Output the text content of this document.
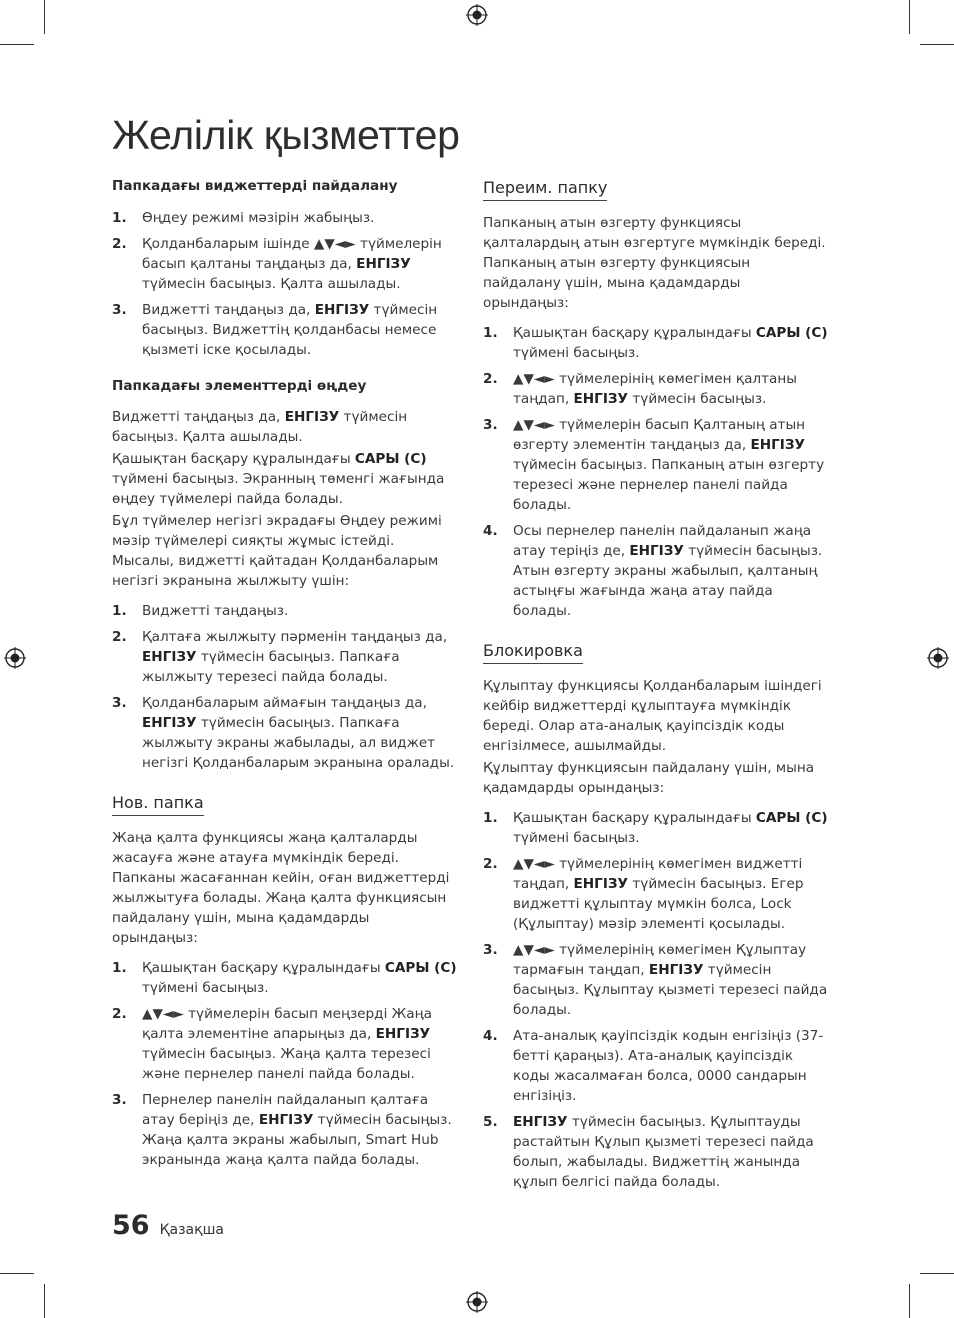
Желілік қызметтер
Папкадағы виджеттерді пайдалану
1. Өңдеу режимі мәзірін жабыңыз.
2. Қолданбаларым ішінде ▲▼◄► түймелерін басып қалтаны таңдаңыз да, ЕНГІЗУ түймесін басыңыз. Қалта ашылады.
3. Виджетті таңдаңыз да, ЕНГІЗУ түймесін басыңыз. Виджеттің қолданбасы немесе қызметі іске қосылады.
Папкадағы элементтерді өңдеу

Виджетті таңдаңыз да, ЕНГІЗУ түймесін басыңыз. Қалта ашылады.

Қашықтан басқару құралындағы САРЫ (С) түймені басыңыз. Экранның төменгі жағында өңдеу түймелері пайда болады.

Бұл түймелер негізгі экрадағы Өңдеу режимі мәзір түймелері сияқты жұмыс істейді. Мысалы, виджетті қайтадан Қолданбаларым негізгі экранына жылжыту үшін:

1. Виджетті таңдаңыз.
2. Қалтаға жылжыту пәрменін таңдаңыз да, ЕНГІЗУ түймесін басыңыз. Папкаға жылжыту терезесі пайда болады.
3. Қолданбаларым аймағын таңдаңыз да, ЕНГІЗУ түймесін басыңыз. Папкаға жылжыту экраны жабылады, ал виджет негізгі Қолданбаларым экранына оралады.
Нов. папка

Жаңа қалта функциясы жаңа қалталарды жасауға және атауға мүмкіндік береді. Папканы жасағаннан кейін, оған виджеттерді жылжытуға болады. Жаңа қалта функциясын пайдалану үшін, мына қадамдарды орындаңыз:

1. Қашықтан басқару құралындағы САРЫ (С) түймені басыңыз.
2. ▲▼◄► түймелерін басып меңзерді Жаңа қалта элементіне апарыңыз да, ЕНГІЗУ түймесін басыңыз. Жаңа қалта терезесі және пернелер панелі пайда болады.
3. Пернелер панелін пайдаланып қалтаға атау беріңіз де, ЕНГІЗУ түймесін басыңыз. Жаңа қалта экраны жабылып, Smart Hub экранында жаңа қалта пайда болады.
Переим. папку

Папканың атын өзгерту функциясы қалталардың атын өзгертуге мүмкіндік береді. Папканың атын өзгерту функциясын пайдалану үшін, мына қадамдарды орындаңыз:

1. Қашықтан басқару құралындағы САРЫ (С) түймені басыңыз.
2. ▲▼◄► түймелерінің көмегімен қалтаны таңдап, ЕНГІЗУ түймесін басыңыз.
3. ▲▼◄► түймелерін басып Қалтаның атын өзгерту элементін таңдаңыз да, ЕНГІЗУ түймесін басыңыз. Папканың атын өзгерту терезесі және пернелер панелі пайда болады.
4. Осы пернелер панелін пайдаланып жаңа атау теріңіз де, ЕНГІЗУ түймесін басыңыз. Атын өзгерту экраны жабылып, қалтаның астыңғы жағында жаңа атау пайда болады.
Блокировка

Құлыптау функциясы Қолданбаларым ішіндегі кейбір виджеттерді құлыптауға мүмкіндік береді. Олар ата-аналық қауіпсіздік коды енгізілмесе, ашылмайды.

Құлыптау функциясын пайдалану үшін, мына қадамдарды орындаңыз:

1. Қашықтан басқару құралындағы САРЫ (С) түймені басыңыз.
2. ▲▼◄► түймелерінің көмегімен виджетті таңдап, ЕНГІЗУ түймесін басыңыз. Егер виджетті құлыптау мүмкін болса, Lock (Құлыптау) мәзір элементі қосылады.
3. ▲▼◄► түймелерінің көмегімен Құлыптау тармағын таңдап, ЕНГІЗУ түймесін басыңыз. Құлыптау қызметі терезесі пайда болады.
4. Ата-аналық қауіпсіздік кодын енгізіңіз (37-бетті қараңыз). Ата-аналық қауіпсіздік коды жасалмаған болса, 0000 сандарын енгізіңіз.
5. ЕНГІЗУ түймесін басыңыз. Құлыптауды растайтын Құлып қызметі терезесі пайда болып, жабылады. Виджеттің жанында құлып белгісі пайда болады.
56 Қазақша
